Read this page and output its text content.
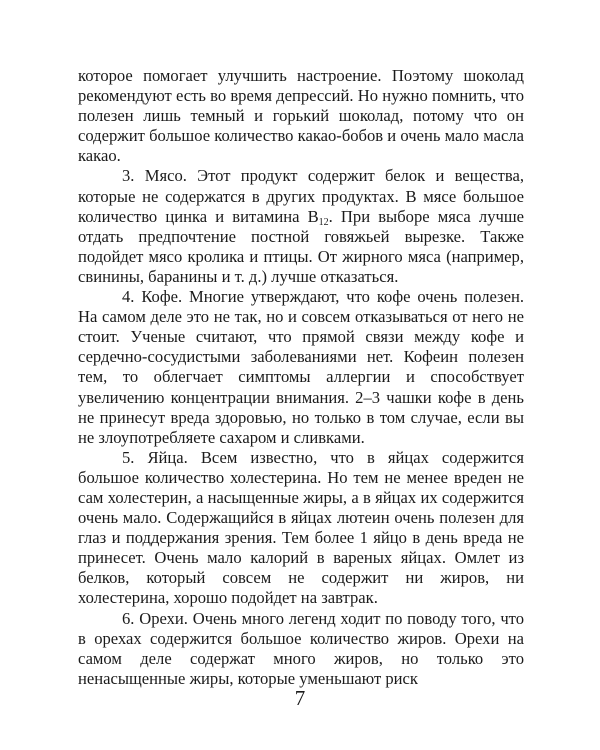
которое помогает улучшить настроение. Поэтому шоколад рекомендуют есть во время депрессий. Но нужно помнить, что полезен лишь темный и горький шоколад, потому что он содержит большое количество какао-бобов и очень мало масла какао.

3. Мясо. Этот продукт содержит белок и вещества, которые не содержатся в других продуктах. В мясе большое количество цинка и витамина $В_{12}$. При выборе мяса лучше отдать предпочтение постной говяжьей вырезке. Также подойдет мясо кролика и птицы. От жирного мяса (например, свинины, баранины и т. д.) лучше отказаться.

4. Кофе. Многие утверждают, что кофе очень полезен. На самом деле это не так, но и совсем отказываться от него не стоит. Ученые считают, что прямой связи между кофе и сердечно-сосудистыми заболеваниями нет. Кофеин полезен тем, то облегчает симптомы аллергии и способствует увеличению концентрации внимания. 2–3 чашки кофе в день не принесут вреда здоровью, но только в том случае, если вы не злоупотребляете сахаром и сливками.

5. Яйца. Всем известно, что в яйцах содержится большое количество холестерина. Но тем не менее вреден не сам холестерин, а насыщенные жиры, а в яйцах их содержится очень мало. Содержащийся в яйцах лютеин очень полезен для глаз и поддержания зрения. Тем более 1 яйцо в день вреда не принесет. Очень мало калорий в вареных яйцах. Омлет из белков, который совсем не содержит ни жиров, ни холестерина, хорошо подойдет на завтрак.

6. Орехи. Очень много легенд ходит по поводу того, что в орехах содержится большое количество жиров. Орехи на самом деле содержат много жиров, но только это ненасыщенные жиры, которые уменьшают риск

7
